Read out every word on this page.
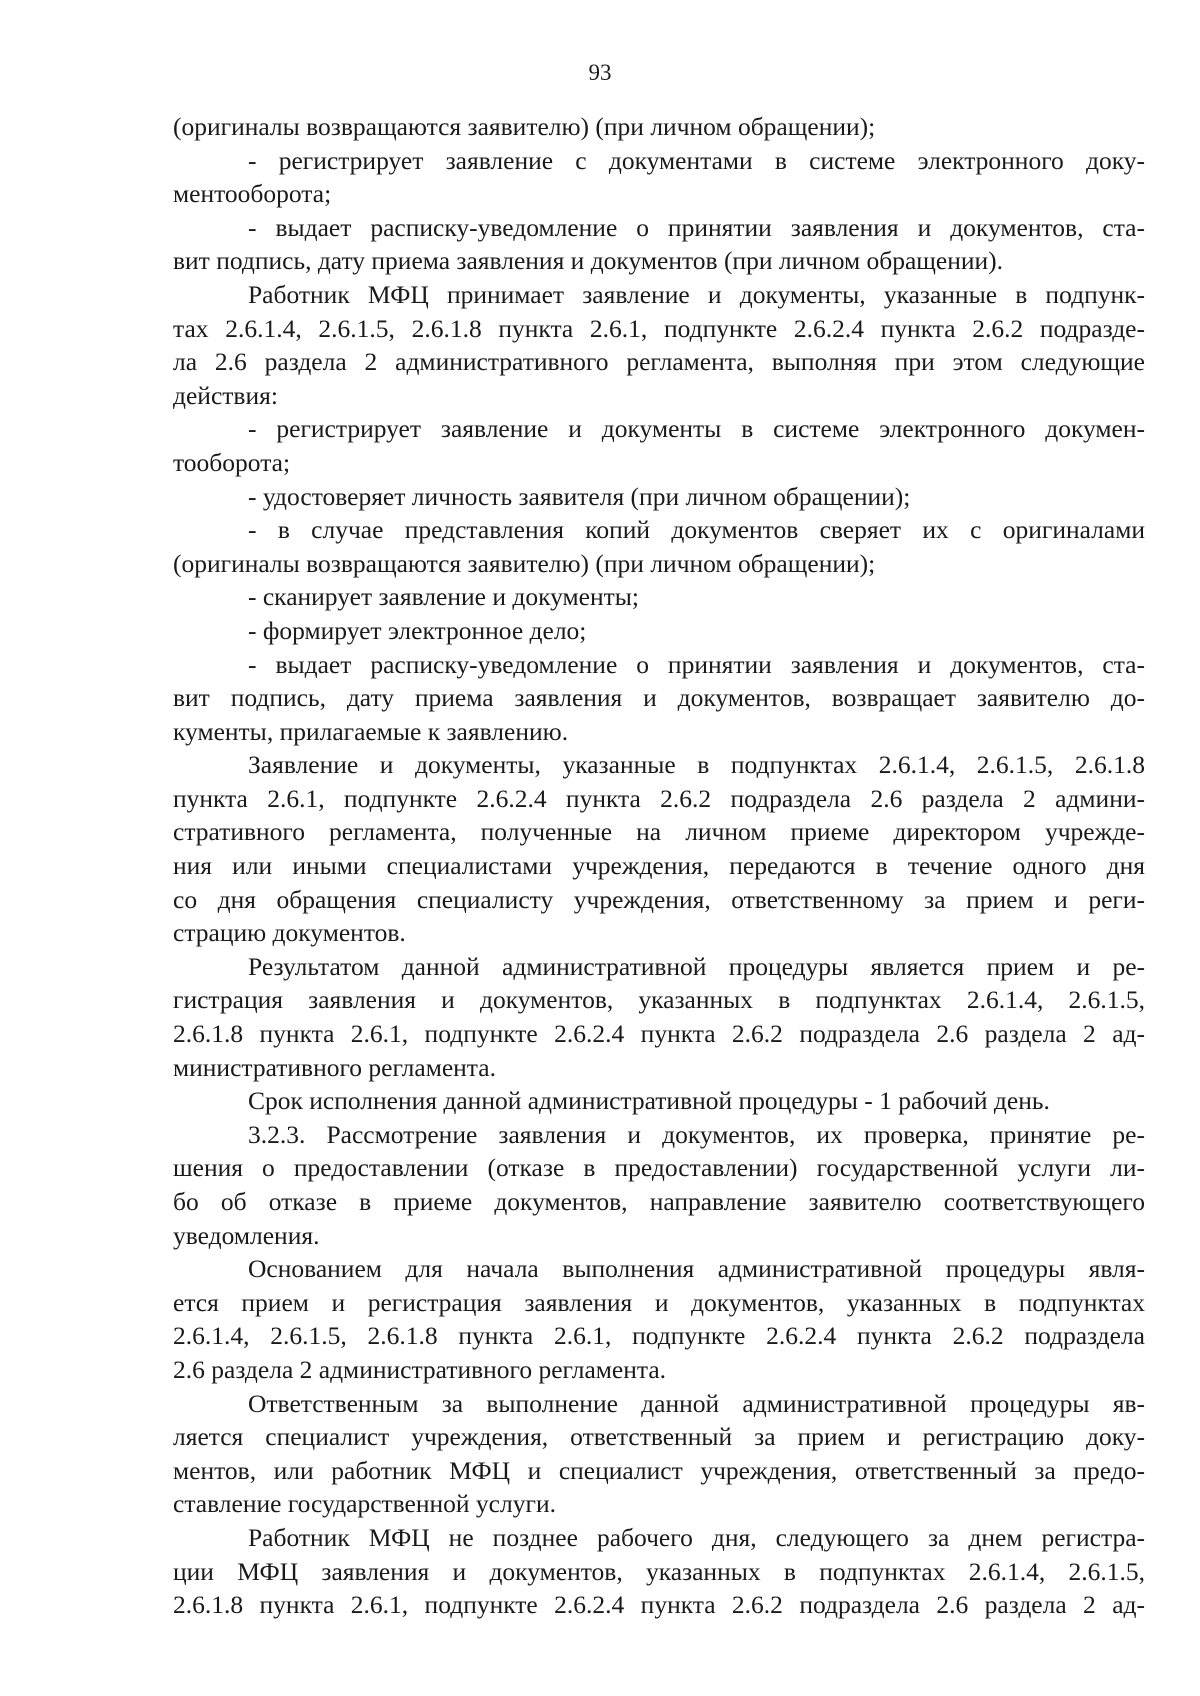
93
(оригиналы возвращаются заявителю) (при личном обращении);
- регистрирует заявление с документами в системе электронного доку-
ментооборота;
- выдает расписку-уведомление о принятии заявления и документов, ста-
вит подпись, дату приема заявления и документов (при личном обращении).
Работник МФЦ принимает заявление и документы, указанные в подпунк-
тах 2.6.1.4, 2.6.1.5, 2.6.1.8 пункта 2.6.1, подпункте 2.6.2.4 пункта 2.6.2 подразде-
ла 2.6 раздела 2 административного регламента, выполняя при этом следующие
действия:
- регистрирует заявление и документы в системе электронного докумен-
тооборота;
- удостоверяет личность заявителя (при личном обращении);
- в случае представления копий документов сверяет их с оригиналами
(оригиналы возвращаются заявителю) (при личном обращении);
- сканирует заявление и документы;
- формирует электронное дело;
- выдает расписку-уведомление о принятии заявления и документов, ста-
вит подпись, дату приема заявления и документов, возвращает заявителю до-
кументы, прилагаемые к заявлению.
Заявление и документы, указанные в подпунктах 2.6.1.4, 2.6.1.5, 2.6.1.8
пункта 2.6.1, подпункте 2.6.2.4 пункта 2.6.2 подраздела 2.6 раздела 2 админи-
стративного регламента, полученные на личном приеме директором учрежде-
ния или иными специалистами учреждения, передаются в течение одного дня
со дня обращения специалисту учреждения, ответственному за прием и реги-
страцию документов.
Результатом данной административной процедуры является прием и ре-
гистрация заявления и документов, указанных в подпунктах 2.6.1.4, 2.6.1.5,
2.6.1.8 пункта 2.6.1, подпункте 2.6.2.4 пункта 2.6.2 подраздела 2.6 раздела 2 ад-
министративного регламента.
Срок исполнения данной административной процедуры - 1 рабочий день.
3.2.3. Рассмотрение заявления и документов, их проверка, принятие ре-
шения о предоставлении (отказе в предоставлении) государственной услуги ли-
бо об отказе в приеме документов, направление заявителю соответствующего
уведомления.
Основанием для начала выполнения административной процедуры явля-
ется прием и регистрация заявления и документов, указанных в подпунктах
2.6.1.4, 2.6.1.5, 2.6.1.8 пункта 2.6.1, подпункте 2.6.2.4 пункта 2.6.2 подраздела
2.6 раздела 2 административного регламента.
Ответственным за выполнение данной административной процедуры яв-
ляется специалист учреждения, ответственный за прием и регистрацию доку-
ментов, или работник МФЦ и специалист учреждения, ответственный за предо-
ставление государственной услуги.
Работник МФЦ не позднее рабочего дня, следующего за днем регистра-
ции МФЦ заявления и документов, указанных в подпунктах 2.6.1.4, 2.6.1.5,
2.6.1.8 пункта 2.6.1, подпункте 2.6.2.4 пункта 2.6.2 подраздела 2.6 раздела 2 ад-
